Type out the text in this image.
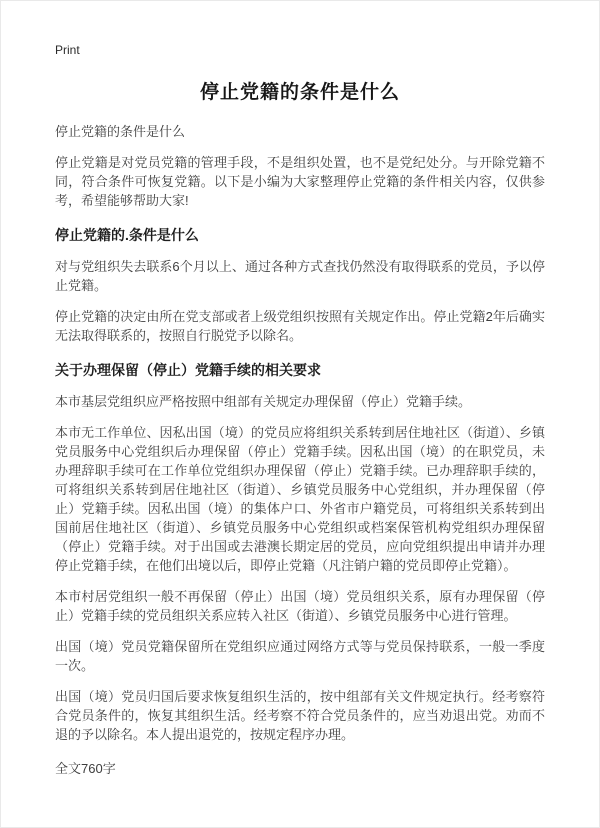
Print
停止党籍的条件是什么

停止党籍的条件是什么

停止党籍是对党员党籍的管理手段，不是组织处置，也不是党纪处分。与开除党籍不同，符合条件可恢复党籍。以下是小编为大家整理停止党籍的条件相关内容，仅供参考，希望能够帮助大家!

停止党籍的.条件是什么

对与党组织失去联系6个月以上、通过各种方式查找仍然没有取得联系的党员，予以停止党籍。

停止党籍的决定由所在党支部或者上级党组织按照有关规定作出。停止党籍2年后确实无法取得联系的，按照自行脱党予以除名。

关于办理保留（停止）党籍手续的相关要求

本市基层党组织应严格按照中组部有关规定办理保留（停止）党籍手续。

本市无工作单位、因私出国（境）的党员应将组织关系转到居住地社区（街道）、乡镇党员服务中心党组织后办理保留（停止）党籍手续。因私出国（境）的在职党员，未办理辞职手续可在工作单位党组织办理保留（停止）党籍手续。已办理辞职手续的，可将组织关系转到居住地社区（街道）、乡镇党员服务中心党组织，并办理保留（停止）党籍手续。因私出国（境）的集体户口、外省市户籍党员，可将组织关系转到出国前居住地社区（街道）、乡镇党员服务中心党组织或档案保管机构党组织办理保留（停止）党籍手续。对于出国或去港澳长期定居的党员，应向党组织提出申请并办理停止党籍手续，在他们出境以后，即停止党籍（凡注销户籍的党员即停止党籍）。

本市村居党组织一般不再保留（停止）出国（境）党员组织关系，原有办理保留（停止）党籍手续的党员组织关系应转入社区（街道）、乡镇党员服务中心进行管理。

出国（境）党员党籍保留所在党组织应通过网络方式等与党员保持联系，一般一季度一次。

出国（境）党员归国后要求恢复组织生活的，按中组部有关文件规定执行。经考察符合党员条件的，恢复其组织生活。经考察不符合党员条件的，应当劝退出党。劝而不退的予以除名。本人提出退党的，按规定程序办理。

全文760字
